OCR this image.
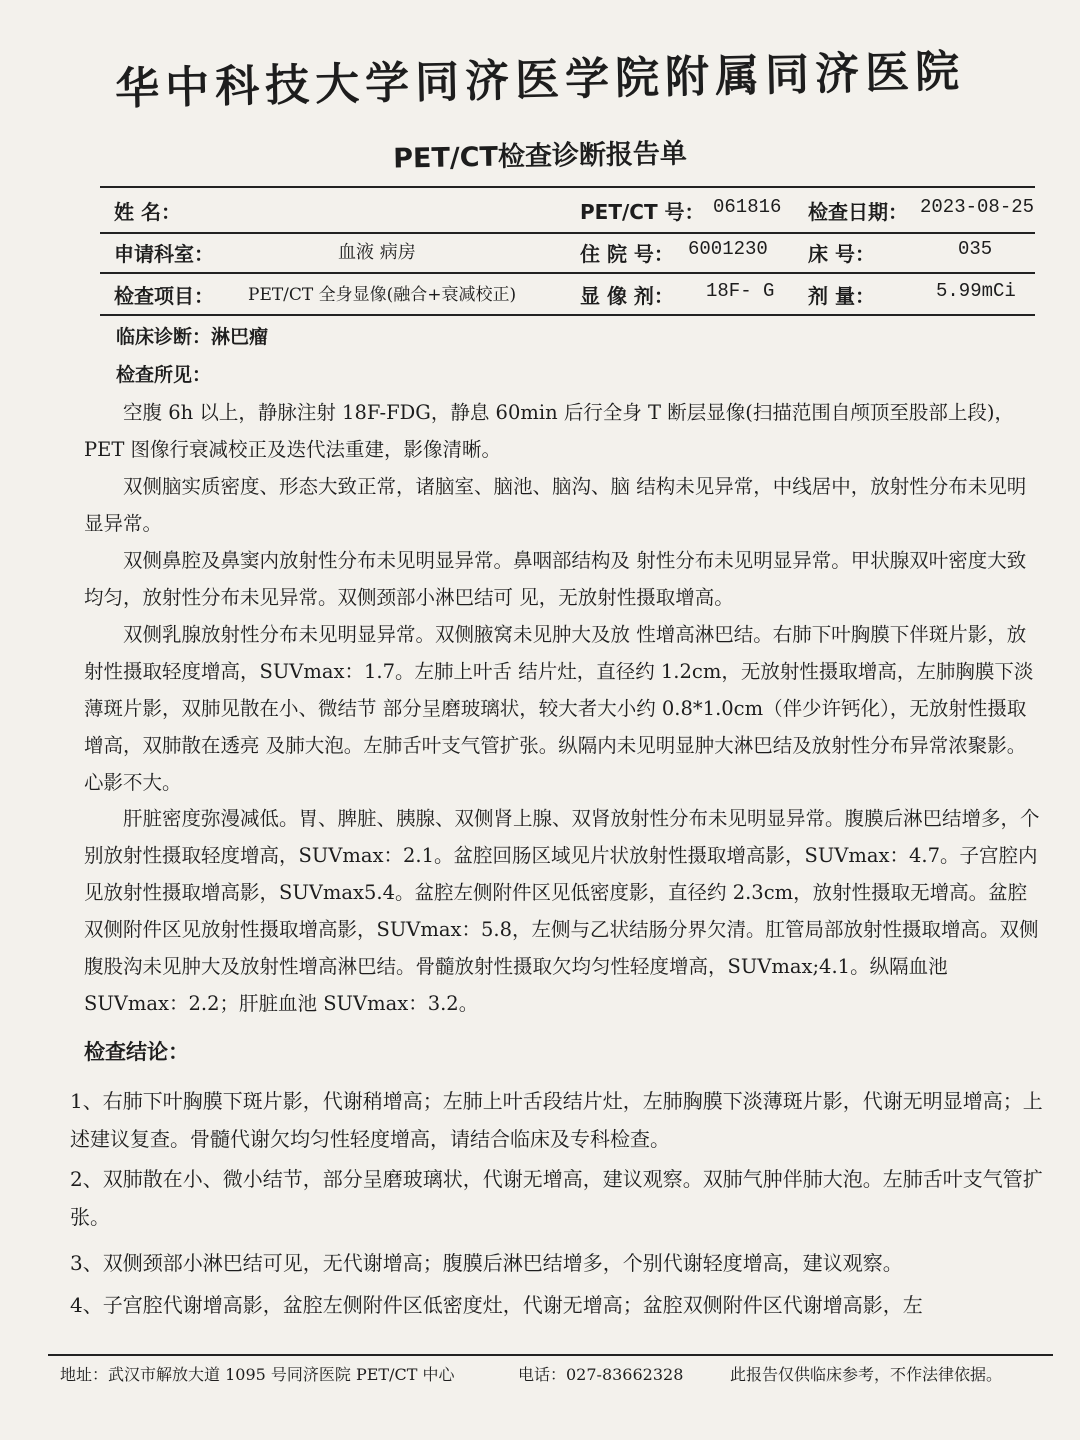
华中科技大学同济医学院附属同济医院
PET/CT检查诊断报告单
姓 名：	PET/CT 号： 061816 检查日期： 2023-08-25
申请科室：	血液 病房	住 院 号： 6001230 床 号：	035
检查项目： PET/CT 全身显像(融合+衰减校正)	显 像 剂： 18F- G 剂 量：	5.99mCi
临床诊断：淋巴瘤
检查所见：
空腹 6h 以上，静脉注射 18F-FDG，静息 60min 后行全身 T 断层显像(扫描范围自颅顶至股部上段)，PET 图像行衰减校正及迭代法重建，影像清晰。
双侧脑实质密度、形态大致正常，诸脑室、脑池、脑沟、脑 结构未见异常，中线居中，放射性分布未见明显异常。
双侧鼻腔及鼻窦内放射性分布未见明显异常。鼻咽部结构及 射性分布未见明显异常。甲状腺双叶密度大致均匀，放射性分布未见异常。双侧颈部小淋巴结可 见，无放射性摄取增高。
双侧乳腺放射性分布未见明显异常。双侧腋窝未见肿大及放 性增高淋巴结。右肺下叶胸膜下伴斑片影，放射性摄取轻度增高，SUVmax：1.7。左肺上叶舌 结片灶，直径约 1.2cm，无放射性摄取增高，左肺胸膜下淡薄斑片影，双肺见散在小、微结节 部分呈磨玻璃状，较大者大小约 0.8*1.0cm（伴少许钙化），无放射性摄取增高，双肺散在透亮 及肺大泡。左肺舌叶支气管扩张。纵隔内未见明显肿大淋巴结及放射性分布异常浓聚影。心影不大。
肝脏密度弥漫减低。胃、脾脏、胰腺、双侧肾上腺、双肾放射性分布未见明显异常。腹膜后淋巴结增多，个别放射性摄取轻度增高，SUVmax：2.1。盆腔回肠区域见片状放射性摄取增高影，SUVmax：4.7。子宫腔内见放射性摄取增高影，SUVmax5.4。盆腔左侧附件区见低密度影，直径约 2.3cm，放射性摄取无增高。盆腔双侧附件区见放射性摄取增高影，SUVmax：5.8，左侧与乙状结肠分界欠清。肛管局部放射性摄取增高。双侧腹股沟未见肿大及放射性增高淋巴结。骨髓放射性摄取欠均匀性轻度增高，SUVmax;4.1。纵隔血池 SUVmax：2.2；肝脏血池 SUVmax：3.2。
检查结论：
1、右肺下叶胸膜下斑片影，代谢稍增高；左肺上叶舌段结片灶，左肺胸膜下淡薄斑片影，代谢无明显增高；上述建议复查。骨髓代谢欠均匀性轻度增高，请结合临床及专科检查。
2、双肺散在小、微小结节，部分呈磨玻璃状，代谢无增高，建议观察。双肺气肿伴肺大泡。左肺舌叶支气管扩张。
3、双侧颈部小淋巴结可见，无代谢增高；腹膜后淋巴结增多，个别代谢轻度增高，建议观察。
4、子宫腔代谢增高影，盆腔左侧附件区低密度灶，代谢无增高；盆腔双侧附件区代谢增高影，左
地址：武汉市解放大道 1095 号同济医院 PET/CT 中心	电话：027-83662328	此报告仅供临床参考，不作法律依据。
